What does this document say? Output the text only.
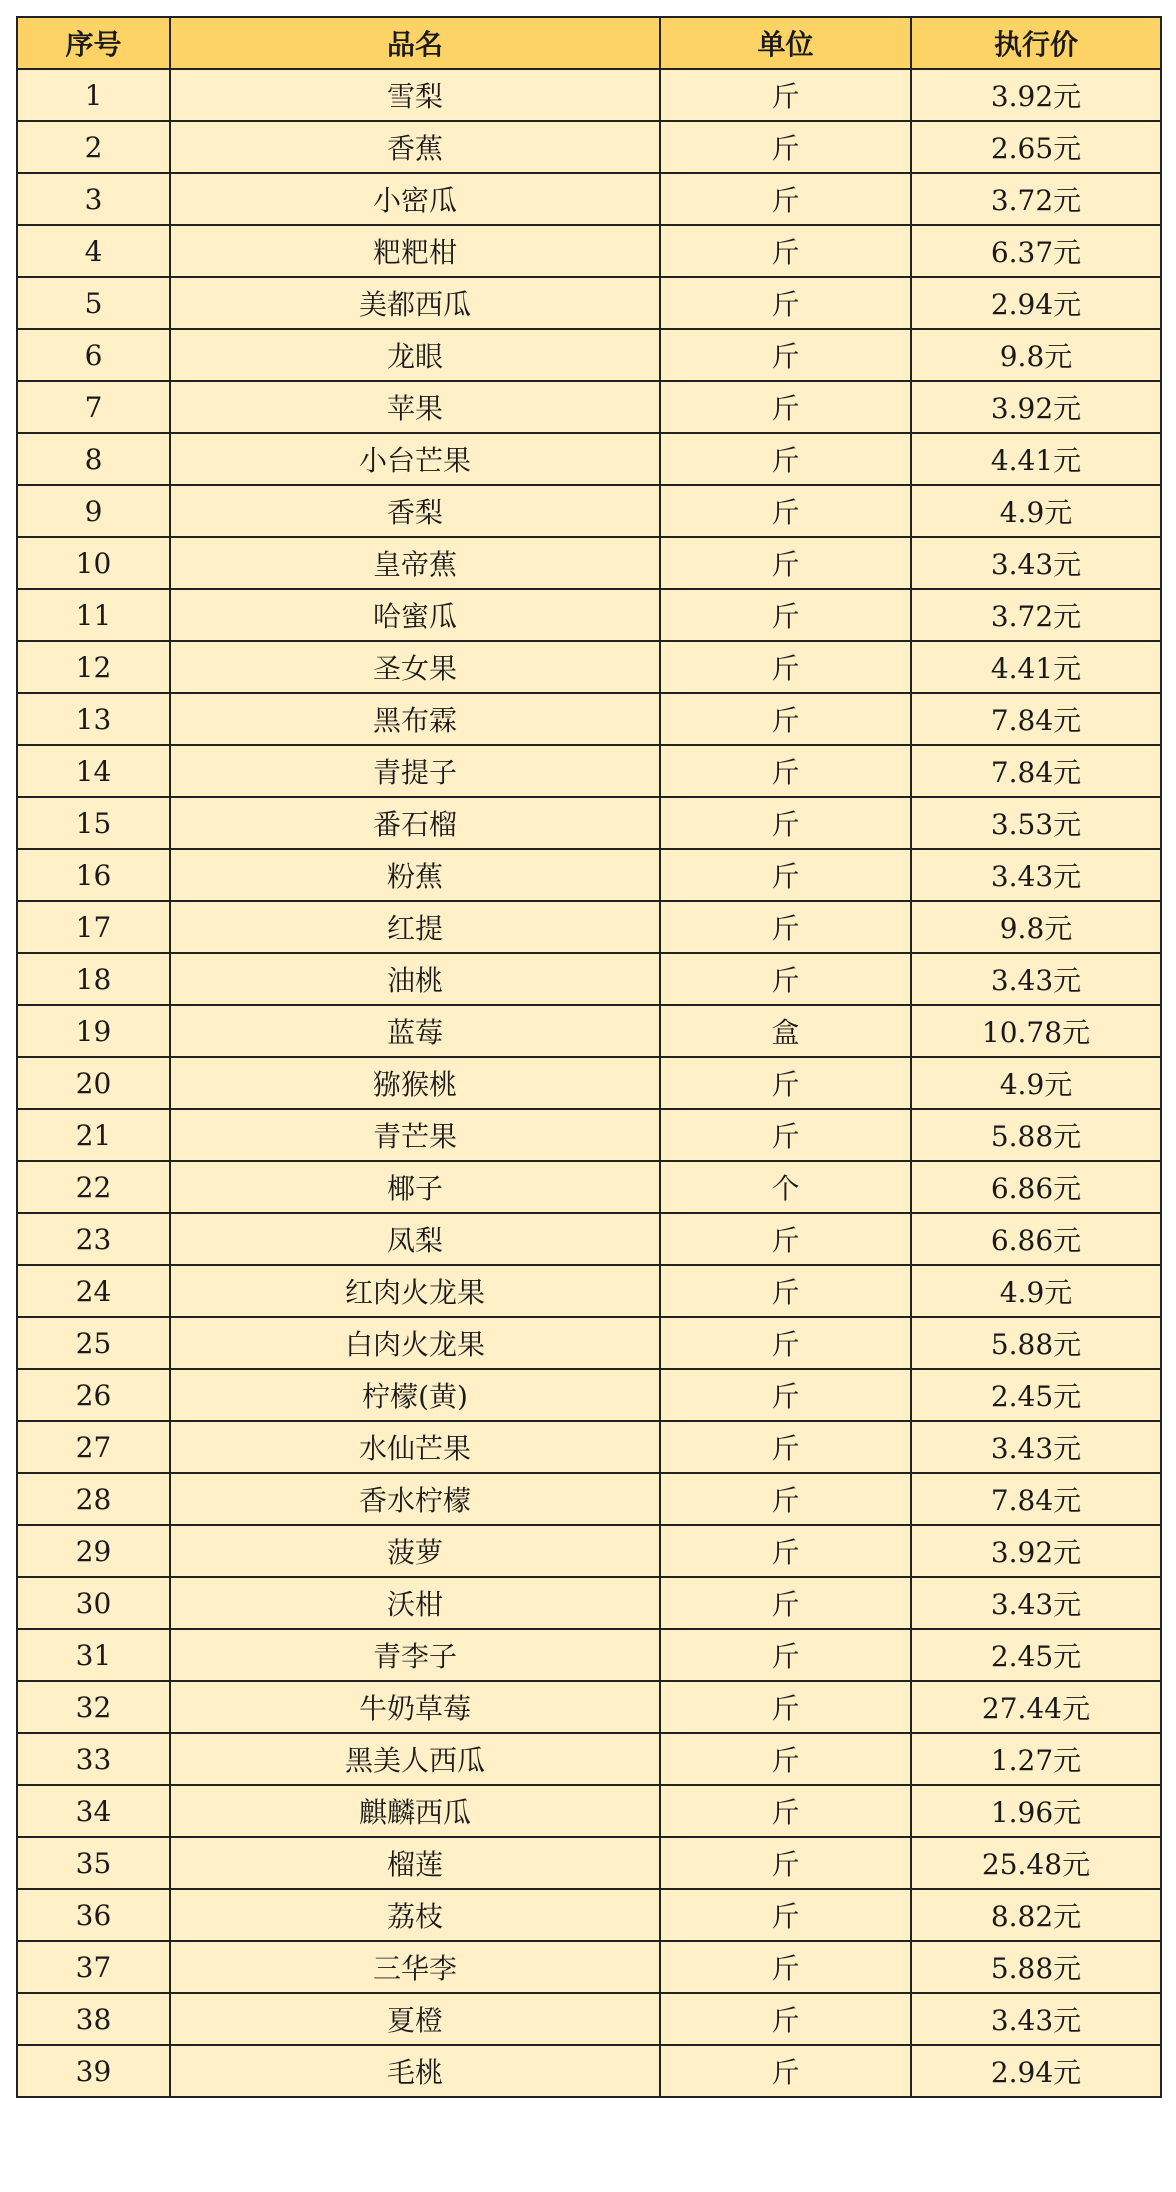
序号	品名	单位	执行价
1	雪梨	斤	3.92元
2	香蕉	斤	2.65元
3	小密瓜	斤	3.72元
4	粑粑柑	斤	6.37元
5	美都西瓜	斤	2.94元
6	龙眼	斤	9.8元
7	苹果	斤	3.92元
8	小台芒果	斤	4.41元
9	香梨	斤	4.9元
10	皇帝蕉	斤	3.43元
11	哈蜜瓜	斤	3.72元
12	圣女果	斤	4.41元
13	黑布霖	斤	7.84元
14	青提子	斤	7.84元
15	番石榴	斤	3.53元
16	粉蕉	斤	3.43元
17	红提	斤	9.8元
18	油桃	斤	3.43元
19	蓝莓	盒	10.78元
20	猕猴桃	斤	4.9元
21	青芒果	斤	5.88元
22	椰子	个	6.86元
23	凤梨	斤	6.86元
24	红肉火龙果	斤	4.9元
25	白肉火龙果	斤	5.88元
26	柠檬(黄)	斤	2.45元
27	水仙芒果	斤	3.43元
28	香水柠檬	斤	7.84元
29	菠萝	斤	3.92元
30	沃柑	斤	3.43元
31	青李子	斤	2.45元
32	牛奶草莓	斤	27.44元
33	黑美人西瓜	斤	1.27元
34	麒麟西瓜	斤	1.96元
35	榴莲	斤	25.48元
36	荔枝	斤	8.82元
37	三华李	斤	5.88元
38	夏橙	斤	3.43元
39	毛桃	斤	2.94元
